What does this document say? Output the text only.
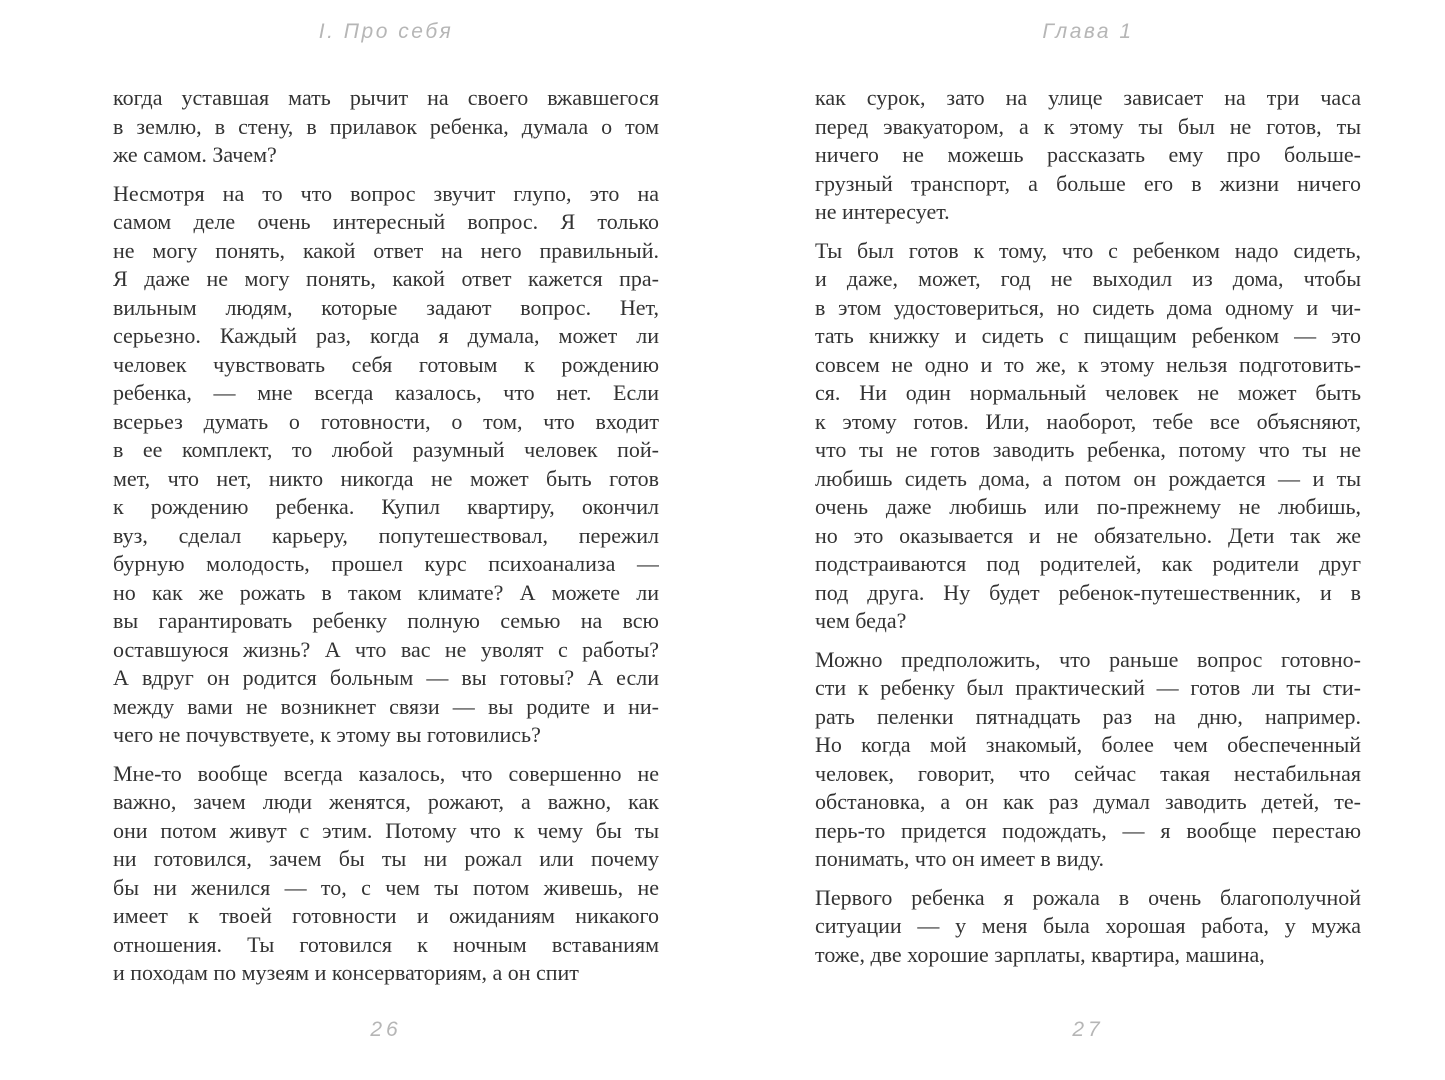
I. Про себя
когда уставшая мать рычит на своего вжавшегося
в землю, в стену, в прилавок ребенка, думала о том
же самом. Зачем?
Несмотря на то что вопрос звучит глупо, это на
самом деле очень интересный вопрос. Я только
не могу понять, какой ответ на него правильный.
Я даже не могу понять, какой ответ кажется пра-
вильным людям, которые задают вопрос. Нет,
серьезно. Каждый раз, когда я думала, может ли
человек чувствовать себя готовым к рождению
ребенка, — мне всегда казалось, что нет. Если
всерьез думать о готовности, о том, что входит
в ее комплект, то любой разумный человек пой-
мет, что нет, никто никогда не может быть готов
к рождению ребенка. Купил квартиру, окончил
вуз, сделал карьеру, попутешествовал, пережил
бурную молодость, прошел курс психоанализа —
но как же рожать в таком климате? А можете ли
вы гарантировать ребенку полную семью на всю
оставшуюся жизнь? А что вас не уволят с работы?
А вдруг он родится больным — вы готовы? А если
между вами не возникнет связи — вы родите и ни-
чего не почувствуете, к этому вы готовились?
Мне-то вообще всегда казалось, что совершенно не
важно, зачем люди женятся, рожают, а важно, как
они потом живут с этим. Потому что к чему бы ты
ни готовился, зачем бы ты ни рожал или почему
бы ни женился — то, с чем ты потом живешь, не
имеет к твоей готовности и ожиданиям никакого
отношения. Ты готовился к ночным вставаниям
и походам по музеям и консерваториям, а он спит
26
Глава 1
как сурок, зато на улице зависает на три часа
перед эвакуатором, а к этому ты был не готов, ты
ничего не можешь рассказать ему про больше-
грузный транспорт, а больше его в жизни ничего
не интересует.
Ты был готов к тому, что с ребенком надо сидеть,
и даже, может, год не выходил из дома, чтобы
в этом удостовериться, но сидеть дома одному и чи-
тать книжку и сидеть с пищащим ребенком — это
совсем не одно и то же, к этому нельзя подготовить-
ся. Ни один нормальный человек не может быть
к этому готов. Или, наоборот, тебе все объясняют,
что ты не готов заводить ребенка, потому что ты не
любишь сидеть дома, а потом он рождается — и ты
очень даже любишь или по-прежнему не любишь,
но это оказывается и не обязательно. Дети так же
подстраиваются под родителей, как родители друг
под друга. Ну будет ребенок-путешественник, и в
чем беда?
Можно предположить, что раньше вопрос готовно-
сти к ребенку был практический — готов ли ты сти-
рать пеленки пятнадцать раз на дню, например.
Но когда мой знакомый, более чем обеспеченный
человек, говорит, что сейчас такая нестабильная
обстановка, а он как раз думал заводить детей, те-
перь-то придется подождать, — я вообще перестаю
понимать, что он имеет в виду.
Первого ребенка я рожала в очень благополучной
ситуации — у меня была хорошая работа, у мужа
тоже, две хорошие зарплаты, квартира, машина,
27
